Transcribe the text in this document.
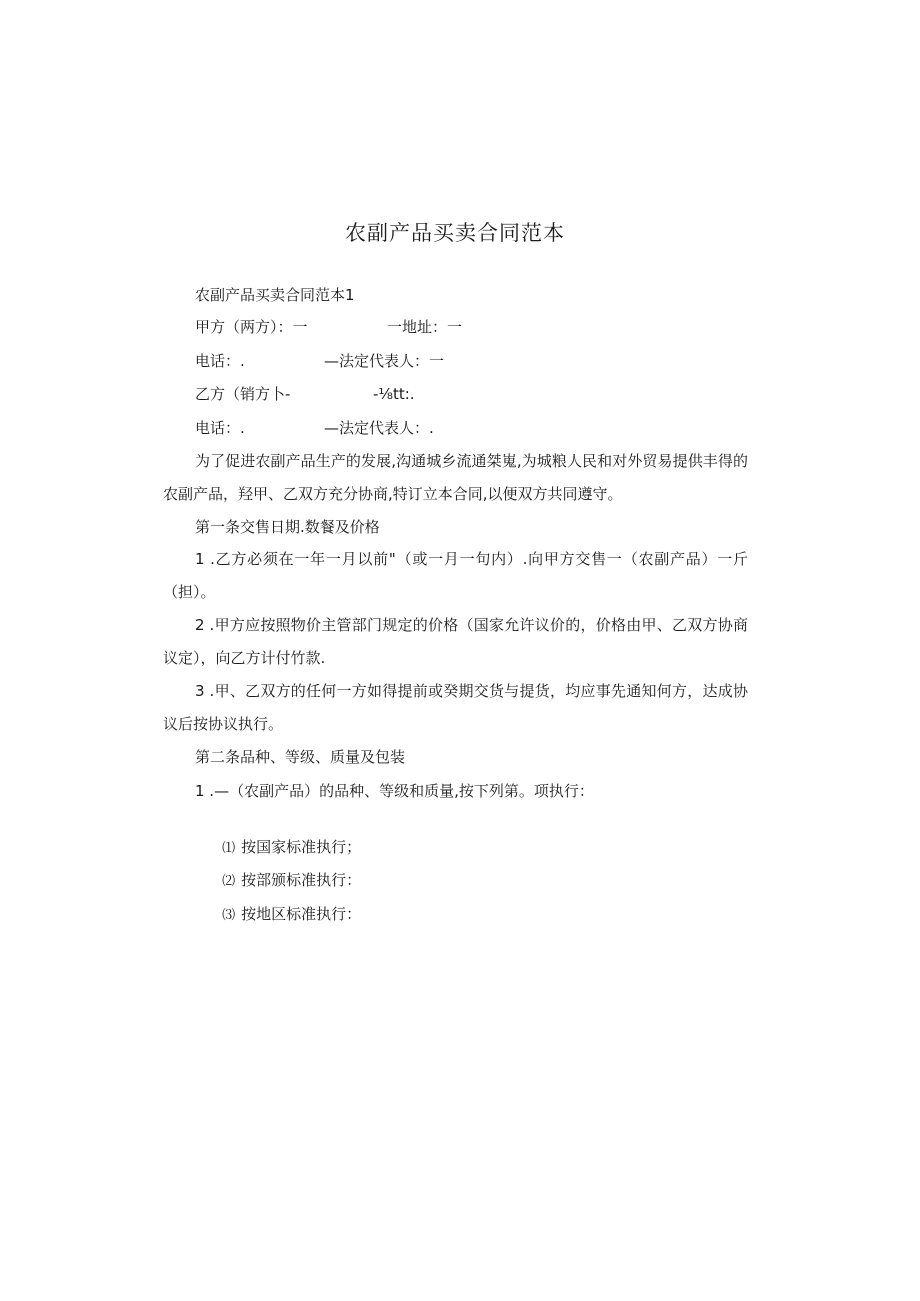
农副产品买卖合同范本
农副产品买卖合同范本1
甲方（两方）：一	一地址：一
电话：.	—法定代表人：一
乙方（销方卜-	-⅛tt:.
电话：.	—法定代表人：.
为了促进农副产品生产的发展,沟通城乡流通桀嵬,为城粮人民和对外贸易提供丰得的农副产品，羟甲、乙双方充分协商,特订立本合同,以便双方共同遵守。
第一条交售日期.数餐及价格
1 .乙方必须在一年一月以前"（或一月一句内）.向甲方交售一（农副产品）一斤（担）。
2 .甲方应按照物价主管部门规定的价格（国家允许议价的，价格由甲、乙双方协商议定），向乙方计付竹款.
3 .甲、乙双方的任何一方如得提前或癸期交货与提货，均应事先通知何方，达成协议后按协议执行。
第二条品种、等级、质量及包装
1 .—（农副产品）的品种、等级和质量,按下列第。项执行：

⑴ 按国家标准执行；

⑵ 按部颁标准执行：

⑶ 按地区标准执行：
